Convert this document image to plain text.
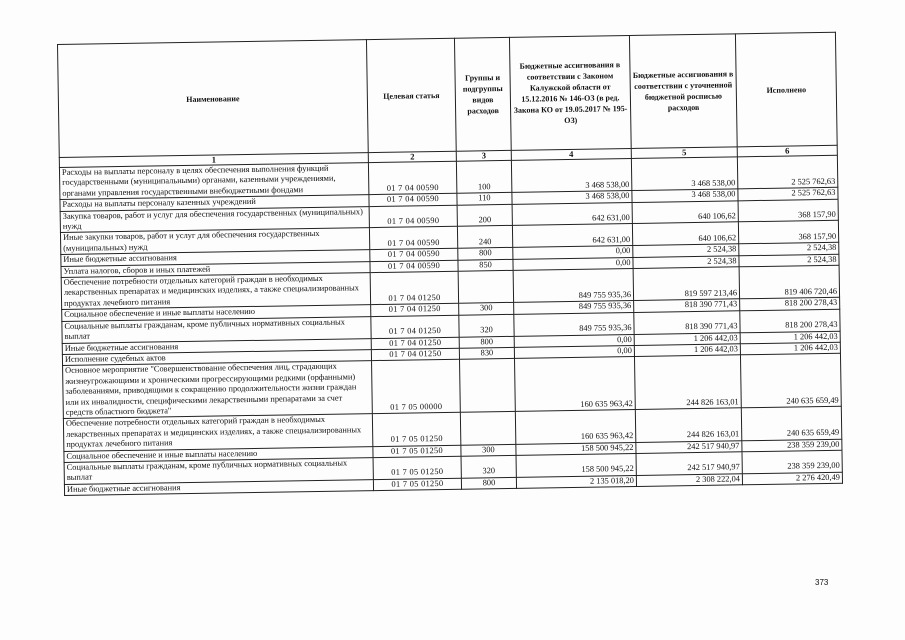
Наименование	Целевая статья	Группы и подгруппы видов расходов	Бюджетные ассигнования в соответствии с Законом Калужской области от 15.12.2016 № 146-ОЗ (в ред. Закона КО от 19.05.2017 № 195-ОЗ)	Бюджетные ассигнования в соответствии с уточненной бюджетной росписью расходов	Исполнено
1	2	3	4	5	6
Расходы на выплаты персоналу в целях обеспечения выполнения функций государственными (муниципальными) органами, казенными учреждениями, органами управления государственными внебюджетными фондами	01 7 04 00590	100	3 468 538,00	3 468 538,00	2 525 762,63
Расходы на выплаты персоналу казенных учреждений	01 7 04 00590	110	3 468 538,00	3 468 538,00	2 525 762,63
Закупка товаров, работ и услуг для обеспечения государственных (муниципальных) нужд	01 7 04 00590	200	642 631,00	640 106,62	368 157,90
Иные закупки товаров, работ и услуг для обеспечения государственных (муниципальных) нужд	01 7 04 00590	240	642 631,00	640 106,62	368 157,90
Иные бюджетные ассигнования	01 7 04 00590	800	0,00	2 524,38	2 524,38
Уплата налогов, сборов и иных платежей	01 7 04 00590	850	0,00	2 524,38	2 524,38
Обеспечение потребности отдельных категорий граждан в необходимых лекарственных препаратах и медицинских изделиях, а также специализированных продуктах лечебного питания	01 7 04 01250		849 755 935,36	819 597 213,46	819 406 720,46
Социальное обеспечение и иные выплаты населению	01 7 04 01250	300	849 755 935,36	818 390 771,43	818 200 278,43
Социальные выплаты гражданам, кроме публичных нормативных социальных выплат	01 7 04 01250	320	849 755 935,36	818 390 771,43	818 200 278,43
Иные бюджетные ассигнования	01 7 04 01250	800	0,00	1 206 442,03	1 206 442,03
Исполнение судебных актов	01 7 04 01250	830	0,00	1 206 442,03	1 206 442,03
Основное мероприятие "Совершенствование обеспечения лиц, страдающих жизнеугрожающими и хроническими прогрессирующими редкими (орфанными) заболеваниями, приводящими к сокращению продолжительности жизни граждан или их инвалидности, специфическими лекарственными препаратами за счет средств областного бюджета"	01 7 05 00000		160 635 963,42	244 826 163,01	240 635 659,49
Обеспечение потребности отдельных категорий граждан в необходимых лекарственных препаратах и медицинских изделиях, а также специализированных продуктах лечебного питания	01 7 05 01250		160 635 963,42	244 826 163,01	240 635 659,49
Социальное обеспечение и иные выплаты населению	01 7 05 01250	300	158 500 945,22	242 517 940,97	238 359 239,00
Социальные выплаты гражданам, кроме публичных нормативных социальных выплат	01 7 05 01250	320	158 500 945,22	242 517 940,97	238 359 239,00
Иные бюджетные ассигнования	01 7 05 01250	800	2 135 018,20	2 308 222,04	2 276 420,49
373
